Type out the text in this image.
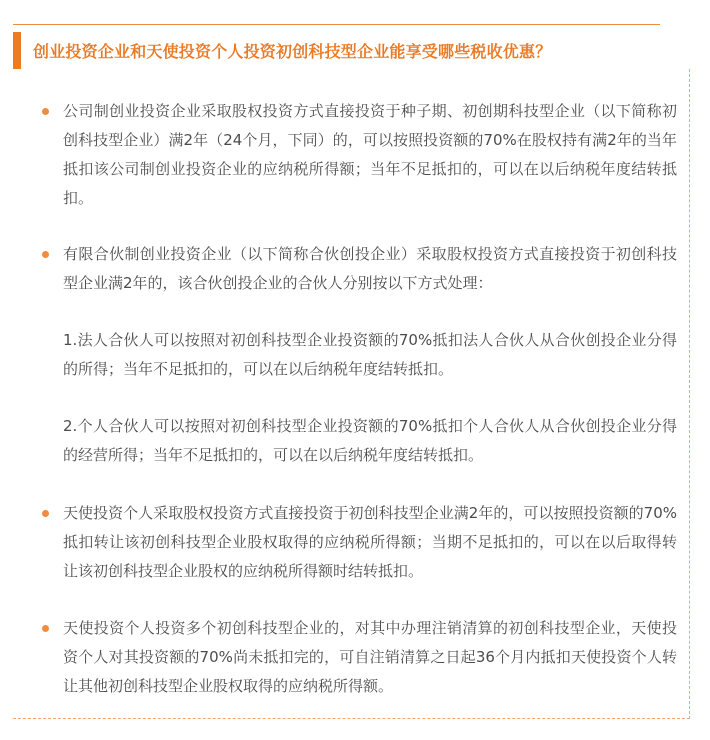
创业投资企业和天使投资个人投资初创科技型企业能享受哪些税收优惠？
公司制创业投资企业采取股权投资方式直接投资于种子期、初创期科技型企业（以下简称初创科技型企业）满2年（24个月，下同）的，可以按照投资额的70%在股权持有满2年的当年抵扣该公司制创业投资企业的应纳税所得额；当年不足抵扣的，可以在以后纳税年度结转抵扣。
有限合伙制创业投资企业（以下简称合伙创投企业）采取股权投资方式直接投资于初创科技型企业满2年的，该合伙创投企业的合伙人分别按以下方式处理：
1.法人合伙人可以按照对初创科技型企业投资额的70%抵扣法人合伙人从合伙创投企业分得的所得；当年不足抵扣的，可以在以后纳税年度结转抵扣。
2.个人合伙人可以按照对初创科技型企业投资额的70%抵扣个人合伙人从合伙创投企业分得的经营所得；当年不足抵扣的，可以在以后纳税年度结转抵扣。
天使投资个人采取股权投资方式直接投资于初创科技型企业满2年的，可以按照投资额的70%抵扣转让该初创科技型企业股权取得的应纳税所得额；当期不足抵扣的，可以在以后取得转让该初创科技型企业股权的应纳税所得额时结转抵扣。
天使投资个人投资多个初创科技型企业的，对其中办理注销清算的初创科技型企业，天使投资个人对其投资额的70%尚未抵扣完的，可自注销清算之日起36个月内抵扣天使投资个人转让其他初创科技型企业股权取得的应纳税所得额。
